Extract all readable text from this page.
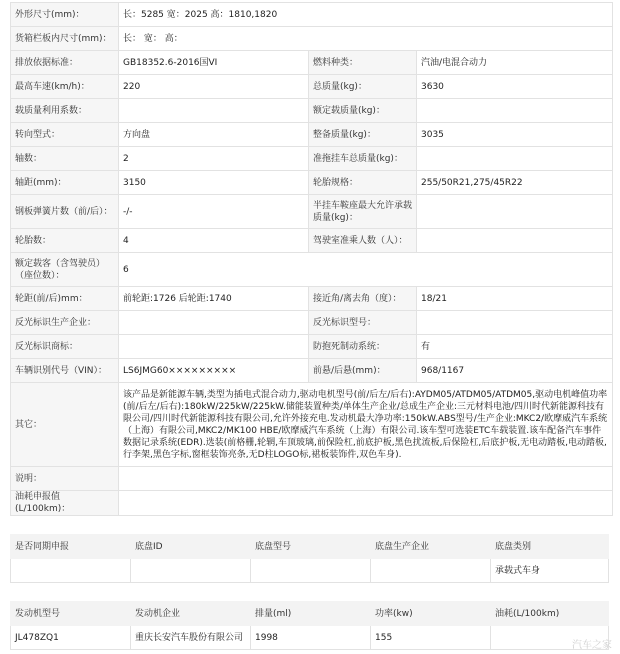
外形尺寸(mm)：	长：5285 宽：2025 高：1810,1820		
货箱栏板内尺寸(mm)：	长： 宽： 高：		
排放依据标准：	GB18352.6-2016国VI	燃料种类：	汽油/电混合动力
最高车速(km/h)：	220	总质量(kg)：	3630
载质量利用系数：		额定载质量(kg)：	
转向型式：	方向盘	整备质量(kg)：	3035
轴数：	2	准拖挂车总质量(kg)：	
轴距(mm)：	3150	轮胎规格：	255/50R21,275/45R22
钢板弹簧片数（前/后）：	-/-	半挂车鞍座最大允许承载质量(kg)：	
轮胎数：	4	驾驶室准乘人数（人）：	
额定载客（含驾驶员）（座位数）：	6		
轮距(前/后)mm：	前轮距:1726 后轮距:1740	接近角/离去角（度）：	18/21
反光标识生产企业：		反光标识型号：	
反光标识商标：		防抱死制动系统：	有
车辆识别代号（VIN）：	LS6JMG60×××××××××	前悬/后悬(mm)：	968/1167
其它：	该产品是新能源车辆,类型为插电式混合动力,驱动电机型号(前/后左/后右):AYDM05/ATDM05/ATDM05,驱动电机峰值功率(前/后左/后右):180kW/225kW/225kW.储能装置种类/单体生产企业/总成生产企业:三元材料电池/四川时代新能源科技有限公司/四川时代新能源科技有限公司,允许外接充电.发动机最大净功率:150kW.ABS型号/生产企业:MKC2/欧摩威汽车系统（上海）有限公司,MKC2/MK100 HBE/欧摩威汽车系统（上海）有限公司.该车型可选装ETC车载装置.该车配备汽车事件数据记录系统(EDR).选装(前格栅,轮辋,车顶玻璃,前保险杠,前底护板,黑色扰流板,后保险杠,后底护板,无电动踏板,电动踏板,行李架,黑色字标,窗框装饰亮条,无D柱LOGO标,裙板装饰件,双色车身).		
说明：			
油耗申报值(L/100km)：			
是否同期申报	底盘ID	底盘型号	底盘生产企业	底盘类别
				承载式车身
发动机型号	发动机企业	排量(ml)	功率(kw)	油耗(L/100km)
JL478ZQ1	重庆长安汽车股份有限公司	1998	155	
汽车之家
